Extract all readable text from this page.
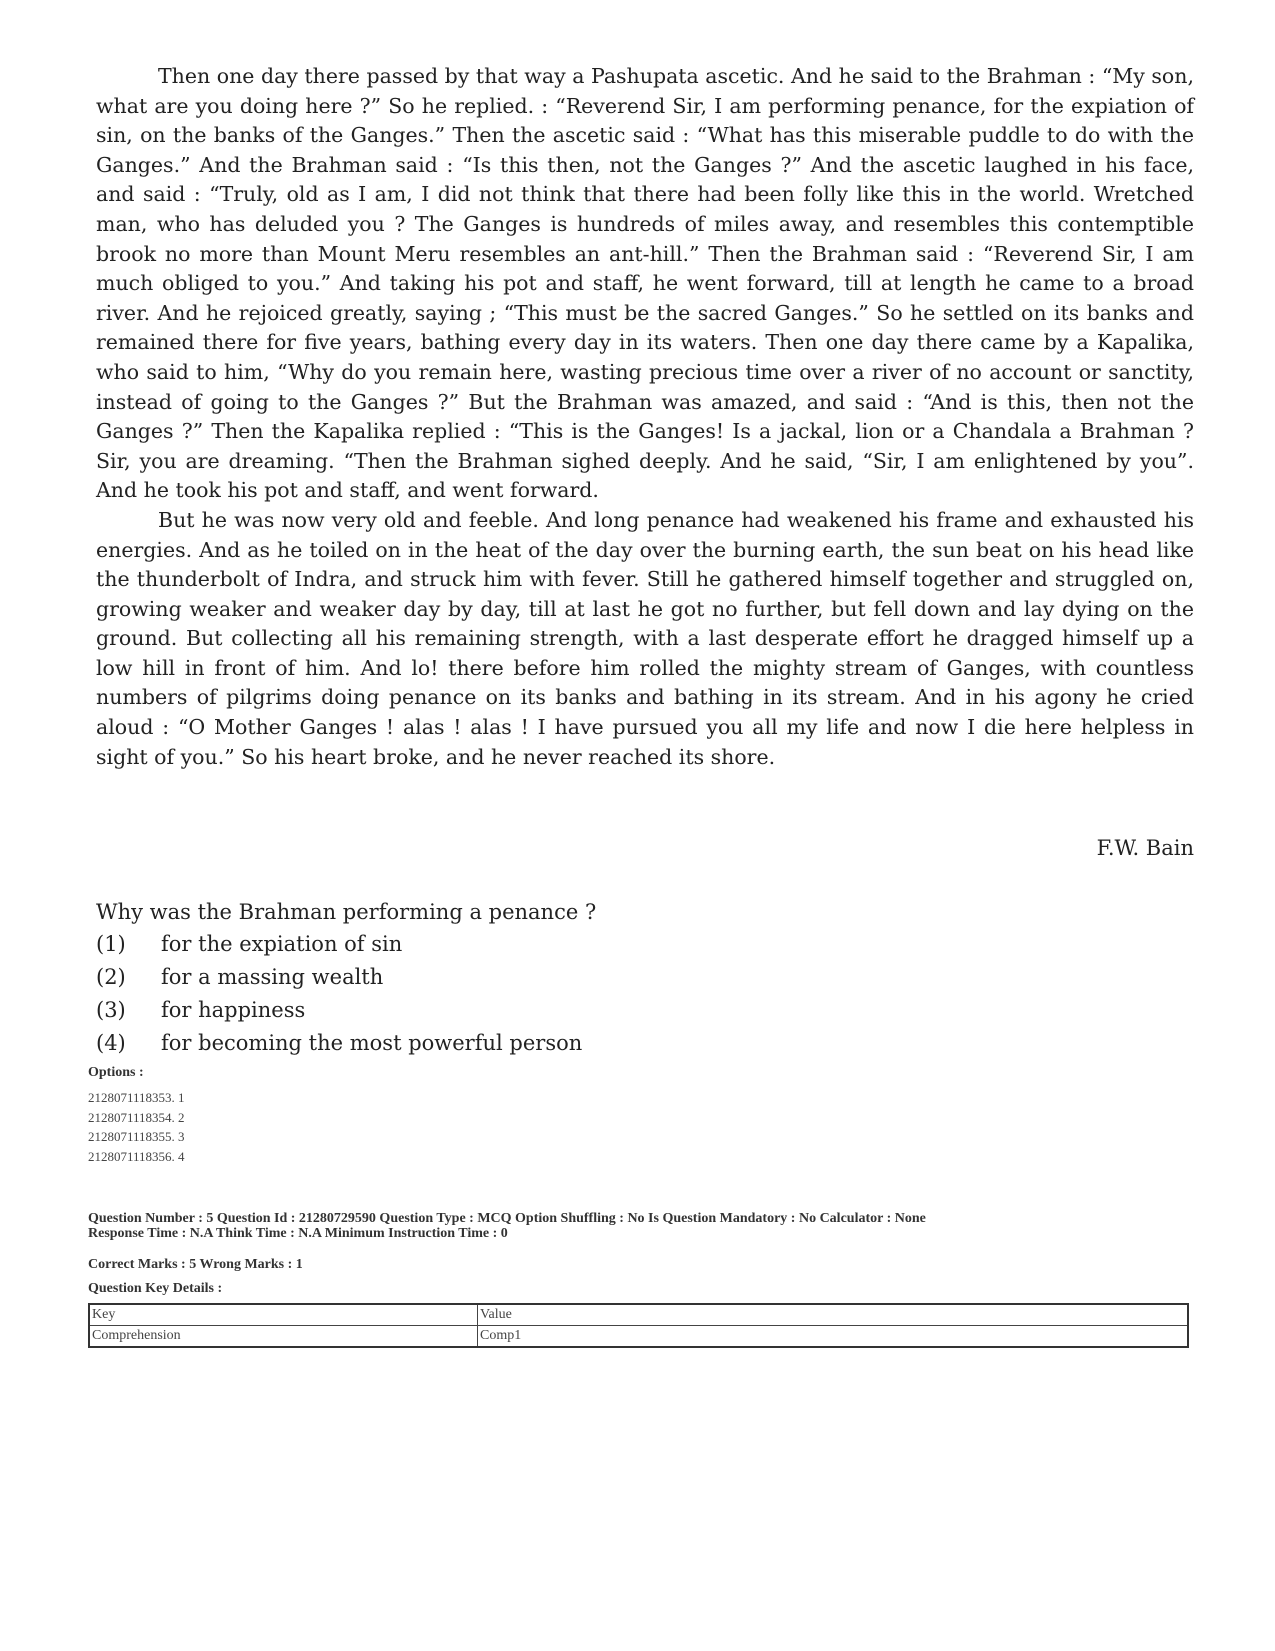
Then one day there passed by that way a Pashupata ascetic. And he said to the Brahman : “My son, what are you doing here ?” So he replied. : “Reverend Sir, I am performing penance, for the expiation of sin, on the banks of the Ganges.” Then the ascetic said : “What has this miserable puddle to do with the Ganges.” And the Brahman said : “Is this then, not the Ganges ?” And the ascetic laughed in his face, and said : “Truly, old as I am, I did not think that there had been folly like this in the world. Wretched man, who has deluded you ? The Ganges is hundreds of miles away, and resembles this contemptible brook no more than Mount Meru resembles an ant-hill.” Then the Brahman said : “Reverend Sir, I am much obliged to you.” And taking his pot and staff, he went forward, till at length he came to a broad river. And he rejoiced greatly, saying ; “This must be the sacred Ganges.” So he settled on its banks and remained there for five years, bathing every day in its waters. Then one day there came by a Kapalika, who said to him, “Why do you remain here, wasting precious time over a river of no account or sanctity, instead of going to the Ganges ?” But the Brahman was amazed, and said : “And is this, then not the Ganges ?” Then the Kapalika replied : “This is the Ganges! Is a jackal, lion or a Chandala a Brahman ? Sir, you are dreaming. “Then the Brahman sighed deeply. And he said, “Sir, I am enlightened by you”. And he took his pot and staff, and went forward.

But he was now very old and feeble. And long penance had weakened his frame and exhausted his energies. And as he toiled on in the heat of the day over the burning earth, the sun beat on his head like the thunderbolt of Indra, and struck him with fever. Still he gathered himself together and struggled on, growing weaker and weaker day by day, till at last he got no further, but fell down and lay dying on the ground. But collecting all his remaining strength, with a last desperate effort he dragged himself up a low hill in front of him. And lo! there before him rolled the mighty stream of Ganges, with countless numbers of pilgrims doing penance on its banks and bathing in its stream. And in his agony he cried aloud : “O Mother Ganges ! alas ! alas ! I have pursued you all my life and now I die here helpless in sight of you.” So his heart broke, and he never reached its shore.

F.W. Bain
Why was the Brahman performing a penance ?
(1)	for the expiation of sin
(2)	for a massing wealth
(3)	for happiness
(4)	for becoming the most powerful person
Options :
2128071118353. 1
2128071118354. 2
2128071118355. 3
2128071118356. 4
Question Number : 5 Question Id : 21280729590 Question Type : MCQ Option Shuffling : No Is Question Mandatory : No Calculator : None
Response Time : N.A Think Time : N.A Minimum Instruction Time : 0
Correct Marks : 5 Wrong Marks : 1
Question Key Details :
Key	Value
Comprehension	Comp1
